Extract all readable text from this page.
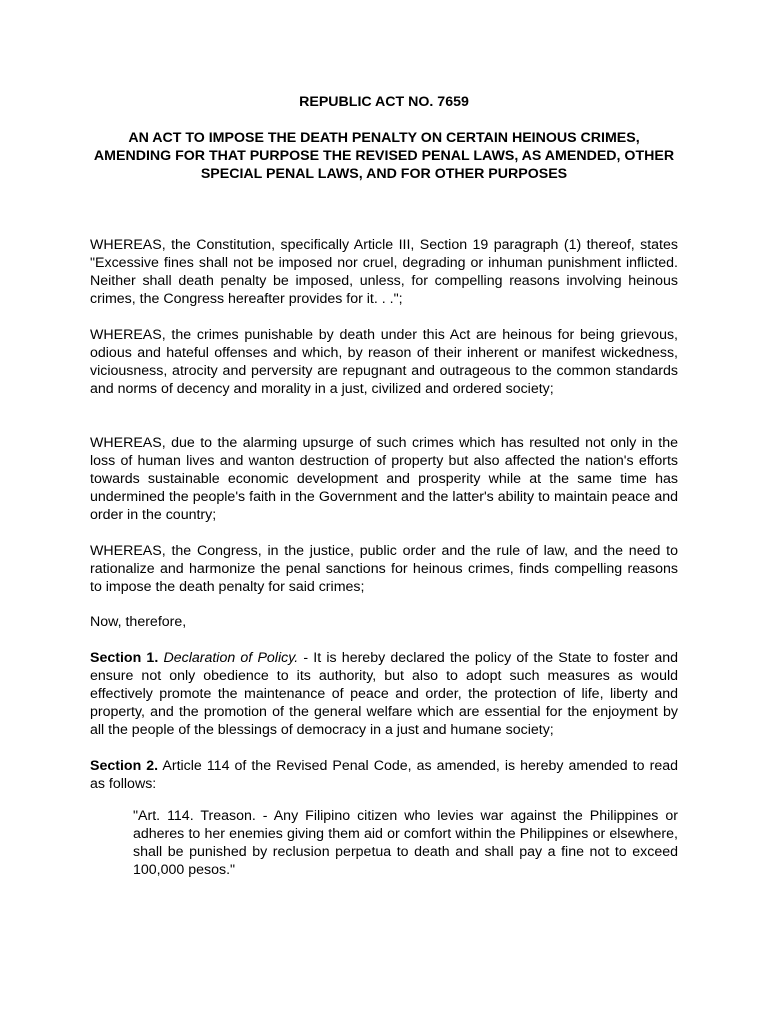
REPUBLIC ACT NO. 7659

AN ACT TO IMPOSE THE DEATH PENALTY ON CERTAIN HEINOUS CRIMES, AMENDING FOR THAT PURPOSE THE REVISED PENAL LAWS, AS AMENDED, OTHER SPECIAL PENAL LAWS, AND FOR OTHER PURPOSES

WHEREAS, the Constitution, specifically Article III, Section 19 paragraph (1) thereof, states "Excessive fines shall not be imposed nor cruel, degrading or inhuman punishment inflicted. Neither shall death penalty be imposed, unless, for compelling reasons involving heinous crimes, the Congress hereafter provides for it. . .";

WHEREAS, the crimes punishable by death under this Act are heinous for being grievous, odious and hateful offenses and which, by reason of their inherent or manifest wickedness, viciousness, atrocity and perversity are repugnant and outrageous to the common standards and norms of decency and morality in a just, civilized and ordered society;

WHEREAS, due to the alarming upsurge of such crimes which has resulted not only in the loss of human lives and wanton destruction of property but also affected the nation's efforts towards sustainable economic development and prosperity while at the same time has undermined the people's faith in the Government and the latter's ability to maintain peace and order in the country;

WHEREAS, the Congress, in the justice, public order and the rule of law, and the need to rationalize and harmonize the penal sanctions for heinous crimes, finds compelling reasons to impose the death penalty for said crimes;

Now, therefore,

Section 1. Declaration of Policy. - It is hereby declared the policy of the State to foster and ensure not only obedience to its authority, but also to adopt such measures as would effectively promote the maintenance of peace and order, the protection of life, liberty and property, and the promotion of the general welfare which are essential for the enjoyment by all the people of the blessings of democracy in a just and humane society;

Section 2. Article 114 of the Revised Penal Code, as amended, is hereby amended to read as follows:

"Art. 114. Treason. - Any Filipino citizen who levies war against the Philippines or adheres to her enemies giving them aid or comfort within the Philippines or elsewhere, shall be punished by reclusion perpetua to death and shall pay a fine not to exceed 100,000 pesos."
